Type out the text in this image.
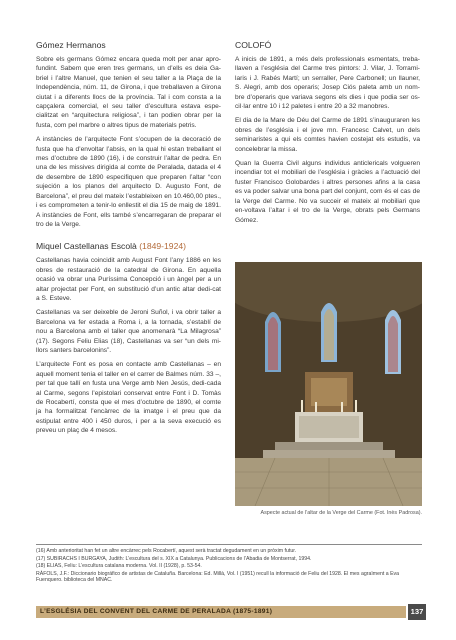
Gómez Hermanos

Sobre els germans Gómez encara queda molt per anar apro-fundint. Sabem que eren tres germans, un d’ells es deia Ga-briel i l’altre Manuel, que tenien el seu taller a la Plaça de la Independència, núm. 11, de Girona, i que treballaven a Girona ciutat i a diferents llocs de la província. Tal i com consta a la capçalera comercial, el seu taller d’escultura estava espe-cialitzat en “arquitectura religiosa”, i tan podien obrar per la fusta, com pel marbre o altres tipus de materials petris.

A instàncies de l’arquitecte Font s’ocupen de la decoració de fusta que ha d’envoltar l’absis, en la qual hi estan treballant el mes d’octubre de 1890 (16), i de construir l’altar de pedra. En una de les missives dirigida al comte de Peralada, datada el 4 de desembre de 1890 especifiquen que preparen l’altar “con sujeción a los planos del arquitecto D. Augusto Font, de Barcelona”, el preu del mateix l’estableixen en 10.460,00 ptes., i es comprometen a tenir-lo enllestit el dia 15 de maig de 1891. A instàncies de Font, ells també s’encarregaran de preparar el tro de la Verge.

Miquel Castellanas Escolà (1849-1924)

Castellanas havia coincidit amb August Font l’any 1886 en les obres de restauració de la catedral de Girona. En aquella ocasió va obrar una Puríssima Concepció i un àngel per a un altar projectat per Font, en substitució d’un antic altar dedi-cat a S. Esteve.

Castellanas va ser deixeble de Jeroni Suñol, i va obrir taller a Barcelona va fer estada a Roma i, a la tornada, s’establí de nou a Barcelona amb el taller que anomenarà “La Milagrosa” (17). Segons Feliu Elias (18), Castellanas va ser “un dels mi-llors santers barcelonins”.

L’arquitecte Font es posa en contacte amb Castellanas – en aquell moment tenia el taller en el carrer de Balmes núm. 33 –, per tal que tallí en fusta una Verge amb Nen Jesús, dedi-cada al Carme, segons l’epistolari conservat entre Font i D. Tomàs de Rocabertí, consta que el mes d’octubre de 1890, el comte ja ha formalitzat l’encàrrec de la imatge i el preu que da estipulat entre 400 i 450 duros, i per a la seva execució es preveu un plaç de 4 mesos.

COLOFÓ

A inicis de 1891, a més dels professionals esmentats, treba-llaven a l’església del Carme tres pintors: J. Vilar, J. Torrami-laris i J. Rabés Martí; un serraller, Pere Carbonell; un llauner, S. Alegri, amb dos operaris; Josep Ciós paleta amb un nom-bre d’operaris que variava segons els dies i que podia ser os-cil·lar entre 10 i 12 paletes i entre 20 a 32 manobres.

El dia de la Mare de Déu del Carme de 1891 s’inauguraren les obres de l’església i el jove mn. Francesc Calvet, un dels seminaristes a qui els comtes havien costejat els estudis, va concelebrar la missa.

Quan la Guerra Civil alguns individus anticlericals volgueren incendiar tot el mobiliari de l’església i gràcies a l’actuació del fuster Francisco Golobardes i altres persones afins a la casa es va poder salvar una bona part del conjunt, com és el cas de la Verge del Carme. No va succeir el mateix al mobiliari que en-voltava l’altar i el tro de la Verge, obrats pels Germans Gómez.

Aspecte actual de l’altar de la Verge del Carme (Fot. Inès Padrosa).
(16) Amb anterioritat han fet un altre encàrrec pels Rocabertí, aquest serà tractat degudament en un pròxim futur.
(17) SUBIRACHS I BURGAYA, Judith: L’escultura del s. XIX a Catalunya. Publicacions de l’Abadia de Montserrat, 1994.
(18) ELIAS, Feliu: L’escultura catalana moderna. Vol. II (1928), p. 53-54.
RÀFOLS, J.F.: Diccionario biográfico de artistas de Cataluña. Barcelona: Ed. Millà, Vol. I (1951) recull la informació de Feliu del 1928. El mes agraïment a Eva Fuenquero. biblioteca del MNAC.
L’ESGLÉSIA DEL CONVENT DEL CARME DE PERALADA (1875-1891)	137
